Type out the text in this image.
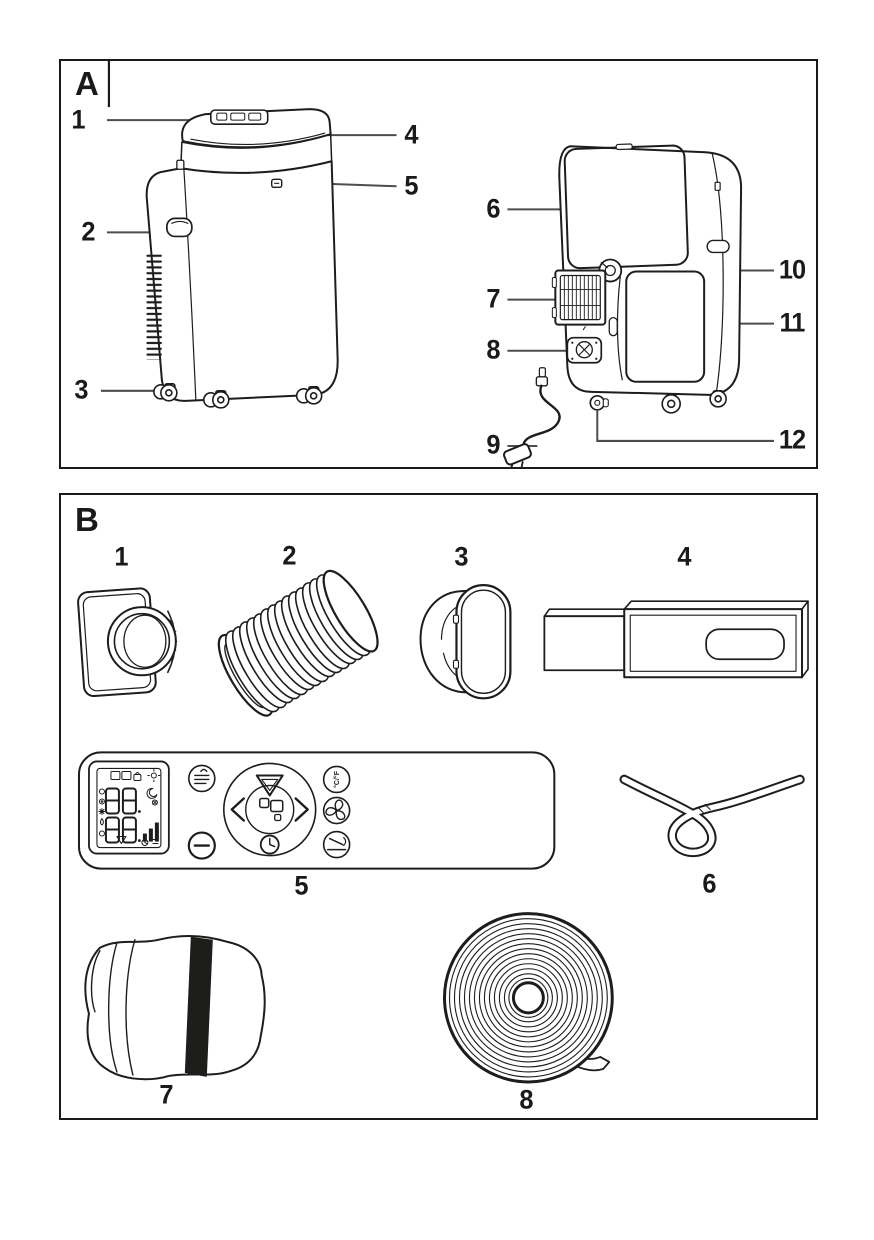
A
1
2
3
4
5
6
7
8
9
10
11
12
°C/°F
B
1	2	3	4
5	6
7	8
